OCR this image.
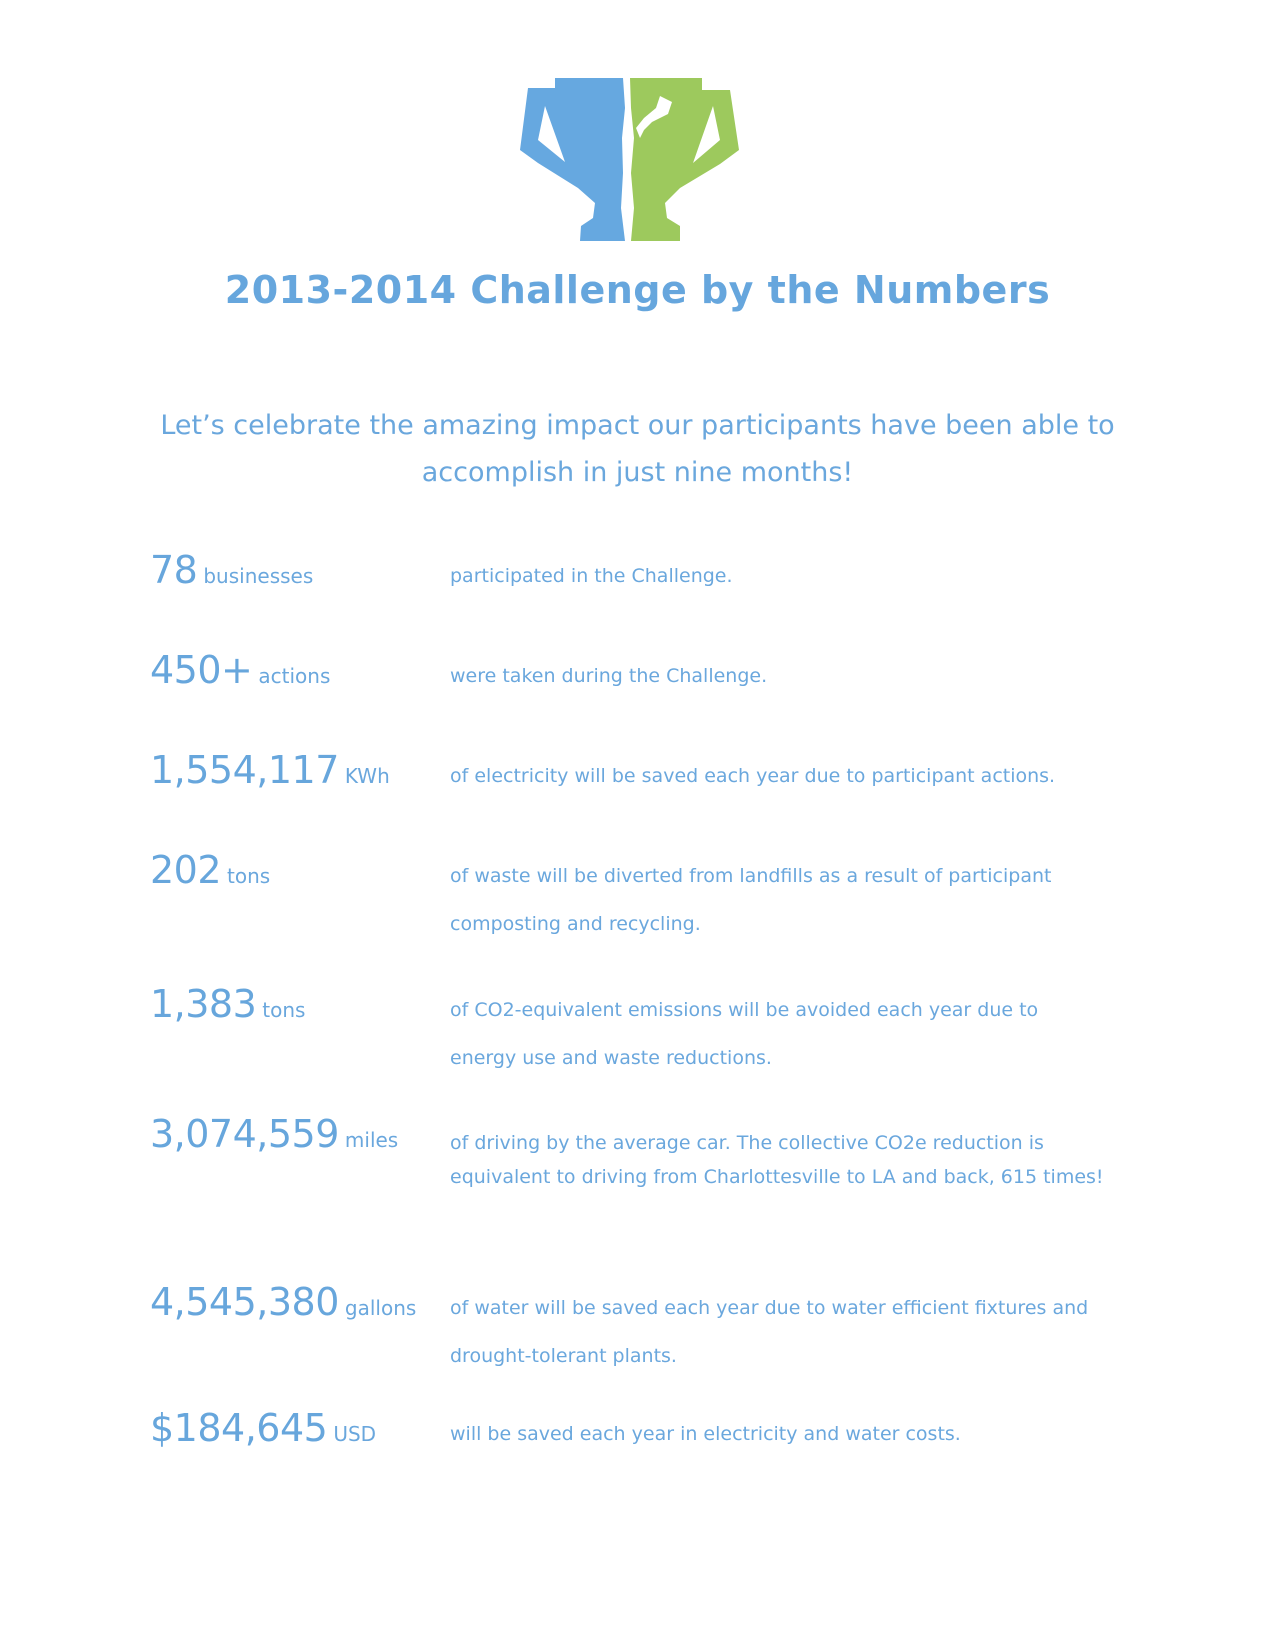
2013-2014 Challenge by the Numbers

Let’s celebrate the amazing impact our participants have been able to accomplish in just nine months!

78 businesses	participated in the Challenge.
450+ actions	were taken during the Challenge.
1,554,117 KWh	of electricity will be saved each year due to participant actions.
202 tons	of waste will be diverted from landfills as a result of participant composting and recycling.
1,383 tons	of CO2-equivalent emissions will be avoided each year due to energy use and waste reductions.
3,074,559 miles	of driving by the average car. The collective CO2e reduction is equivalent to driving from Charlottesville to LA and back, 615 times!
4,545,380 gallons of water will be saved each year due to water efficient fixtures and drought-tolerant plants.
$184,645 USD	will be saved each year in electricity and water costs.
